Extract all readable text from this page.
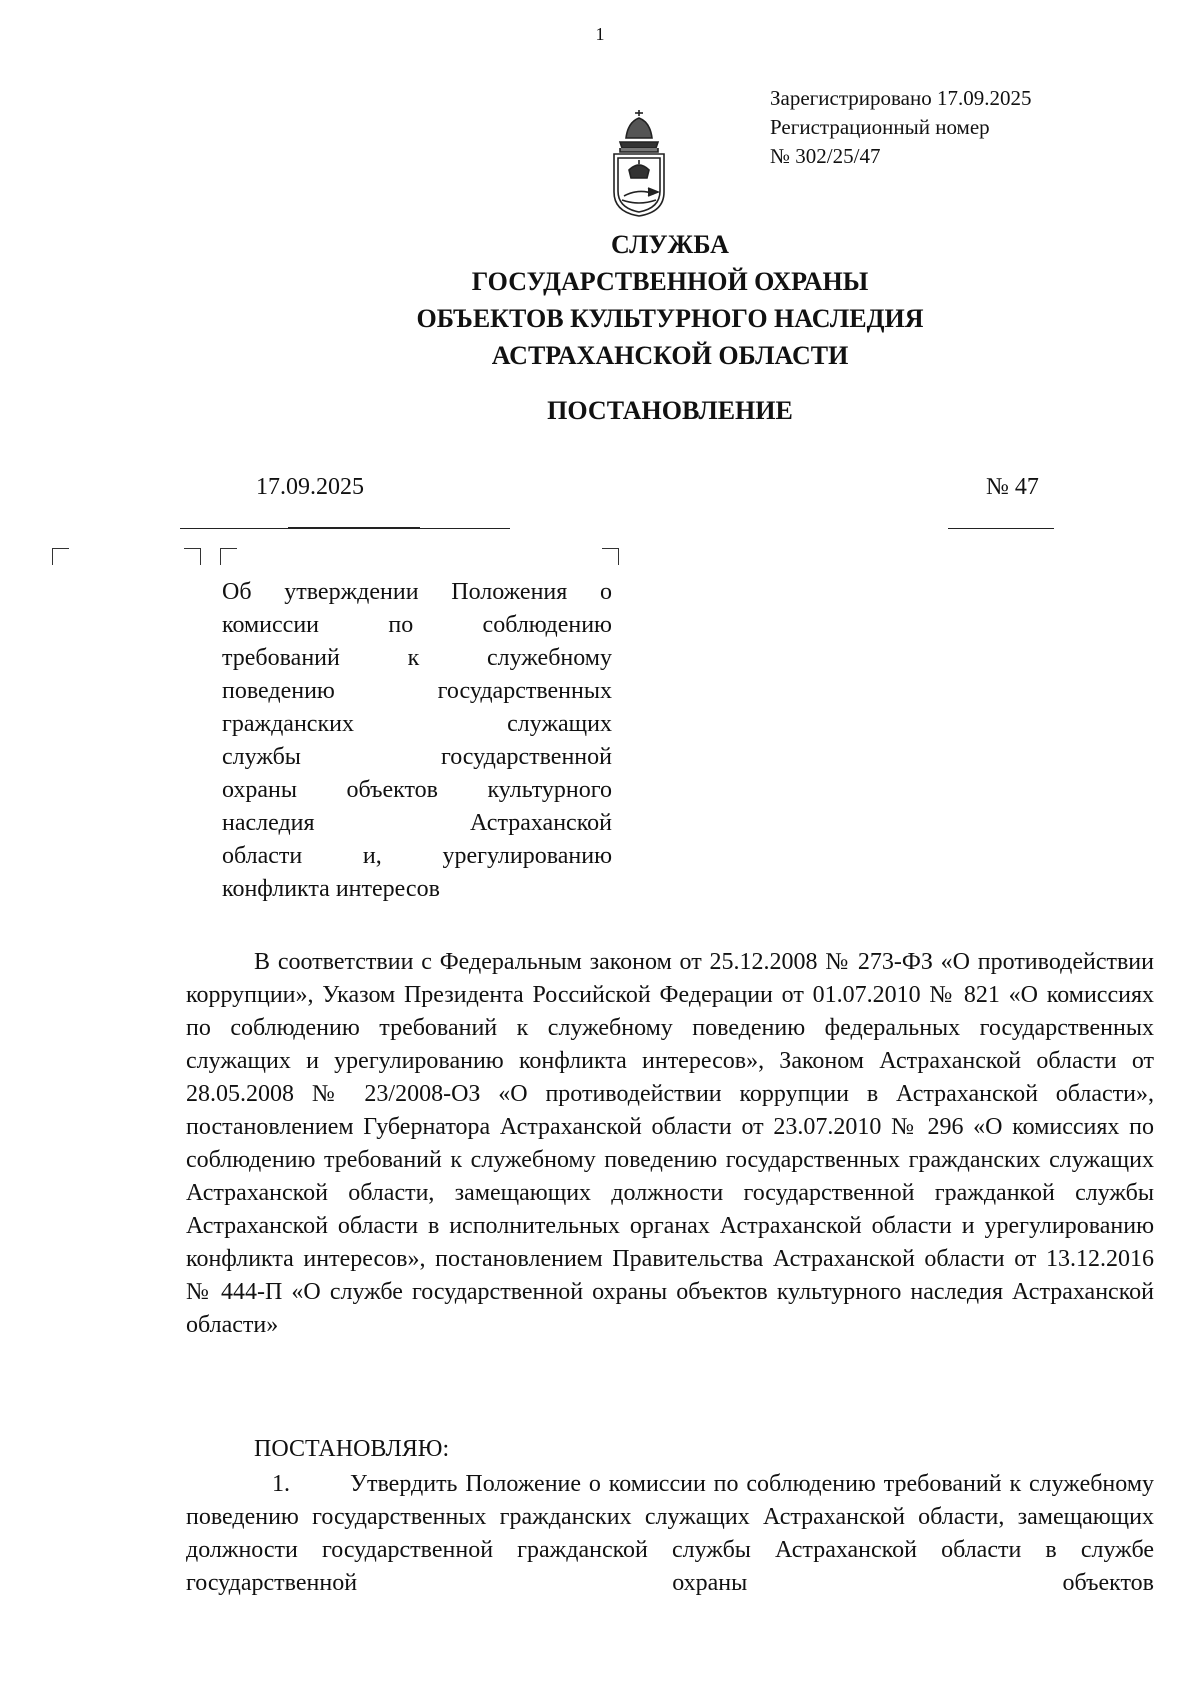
1
Зарегистрировано 17.09.2025
Регистрационный номер
№ 302/25/47
СЛУЖБА
ГОСУДАРСТВЕННОЙ ОХРАНЫ
ОБЪЕКТОВ КУЛЬТУРНОГО НАСЛЕДИЯ
АСТРАХАНСКОЙ ОБЛАСТИ
ПОСТАНОВЛЕНИЕ
17.09.2025	№ 47
Об утверждении Положения о
комиссии по соблюдению
требований к служебному
поведению государственных
гражданских служащих
службы государственной
охраны объектов культурного
наследия Астраханской
области и, урегулированию
конфликта интересов

В соответствии с Федеральным законом от 25.12.2008 № 273-ФЗ «О противодействии коррупции», Указом Президента Российской Федерации от 01.07.2010 № 821 «О комиссиях по соблюдению требований к служебному поведению федеральных государственных служащих и урегулированию конфликта интересов», Законом Астраханской области от 28.05.2008 № 23/2008-ОЗ «О противодействии коррупции в Астраханской области», постановлением Губернатора Астраханской области от 23.07.2010 № 296 «О комиссиях по соблюдению требований к служебному поведению государственных гражданских служащих Астраханской области, замещающих должности государственной гражданкой службы Астраханской области в исполнительных органах Астраханской области и урегулированию конфликта интересов», постановлением Правительства Астраханской области от 13.12.2016 № 444-П «О службе государственной охраны объектов культурного наследия Астраханской области»

ПОСТАНОВЛЯЮ:
1.	Утвердить Положение о комиссии по соблюдению требований к служебному поведению государственных гражданских служащих Астраханской области, замещающих должности государственной гражданской службы Астраханской области в службе государственной охраны объектов
